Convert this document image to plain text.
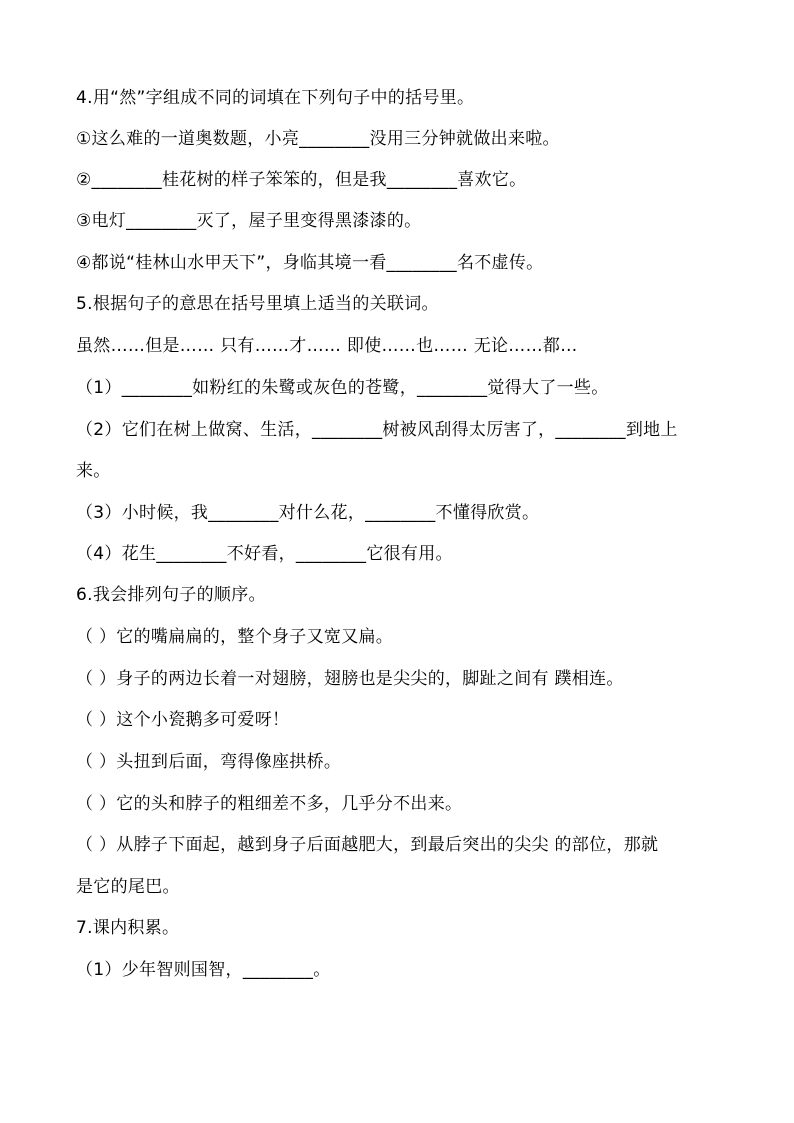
4.用“然”字组成不同的词填在下列句子中的括号里。

①这么难的一道奥数题，小亮________没用三分钟就做出来啦。

②________桂花树的样子笨笨的，但是我________喜欢它。

③电灯________灭了，屋子里变得黑漆漆的。

④都说“桂林山水甲天下”，身临其境一看________名不虚传。

5.根据句子的意思在括号里填上适当的关联词。

虽然……但是…… 只有……才…… 即使……也…… 无论……都…

（1）________如粉红的朱鹭或灰色的苍鹭，________觉得大了一些。

（2）它们在树上做窝、生活，________树被风刮得太厉害了，________到地上

来。

（3）小时候，我________对什么花，________不懂得欣赏。

（4）花生________不好看，________它很有用。

6.我会排列句子的顺序。

（ ）它的嘴扁扁的，整个身子又宽又扁。

（ ）身子的两边长着一对翅膀，翅膀也是尖尖的，脚趾之间有 蹼相连。

（ ）这个小瓷鹅多可爱呀！

（ ）头扭到后面，弯得像座拱桥。

（ ）它的头和脖子的粗细差不多，几乎分不出来。

（ ）从脖子下面起，越到身子后面越肥大，到最后突出的尖尖 的部位，那就

是它的尾巴。

7.课内积累。

（1）少年智则国智，________。
